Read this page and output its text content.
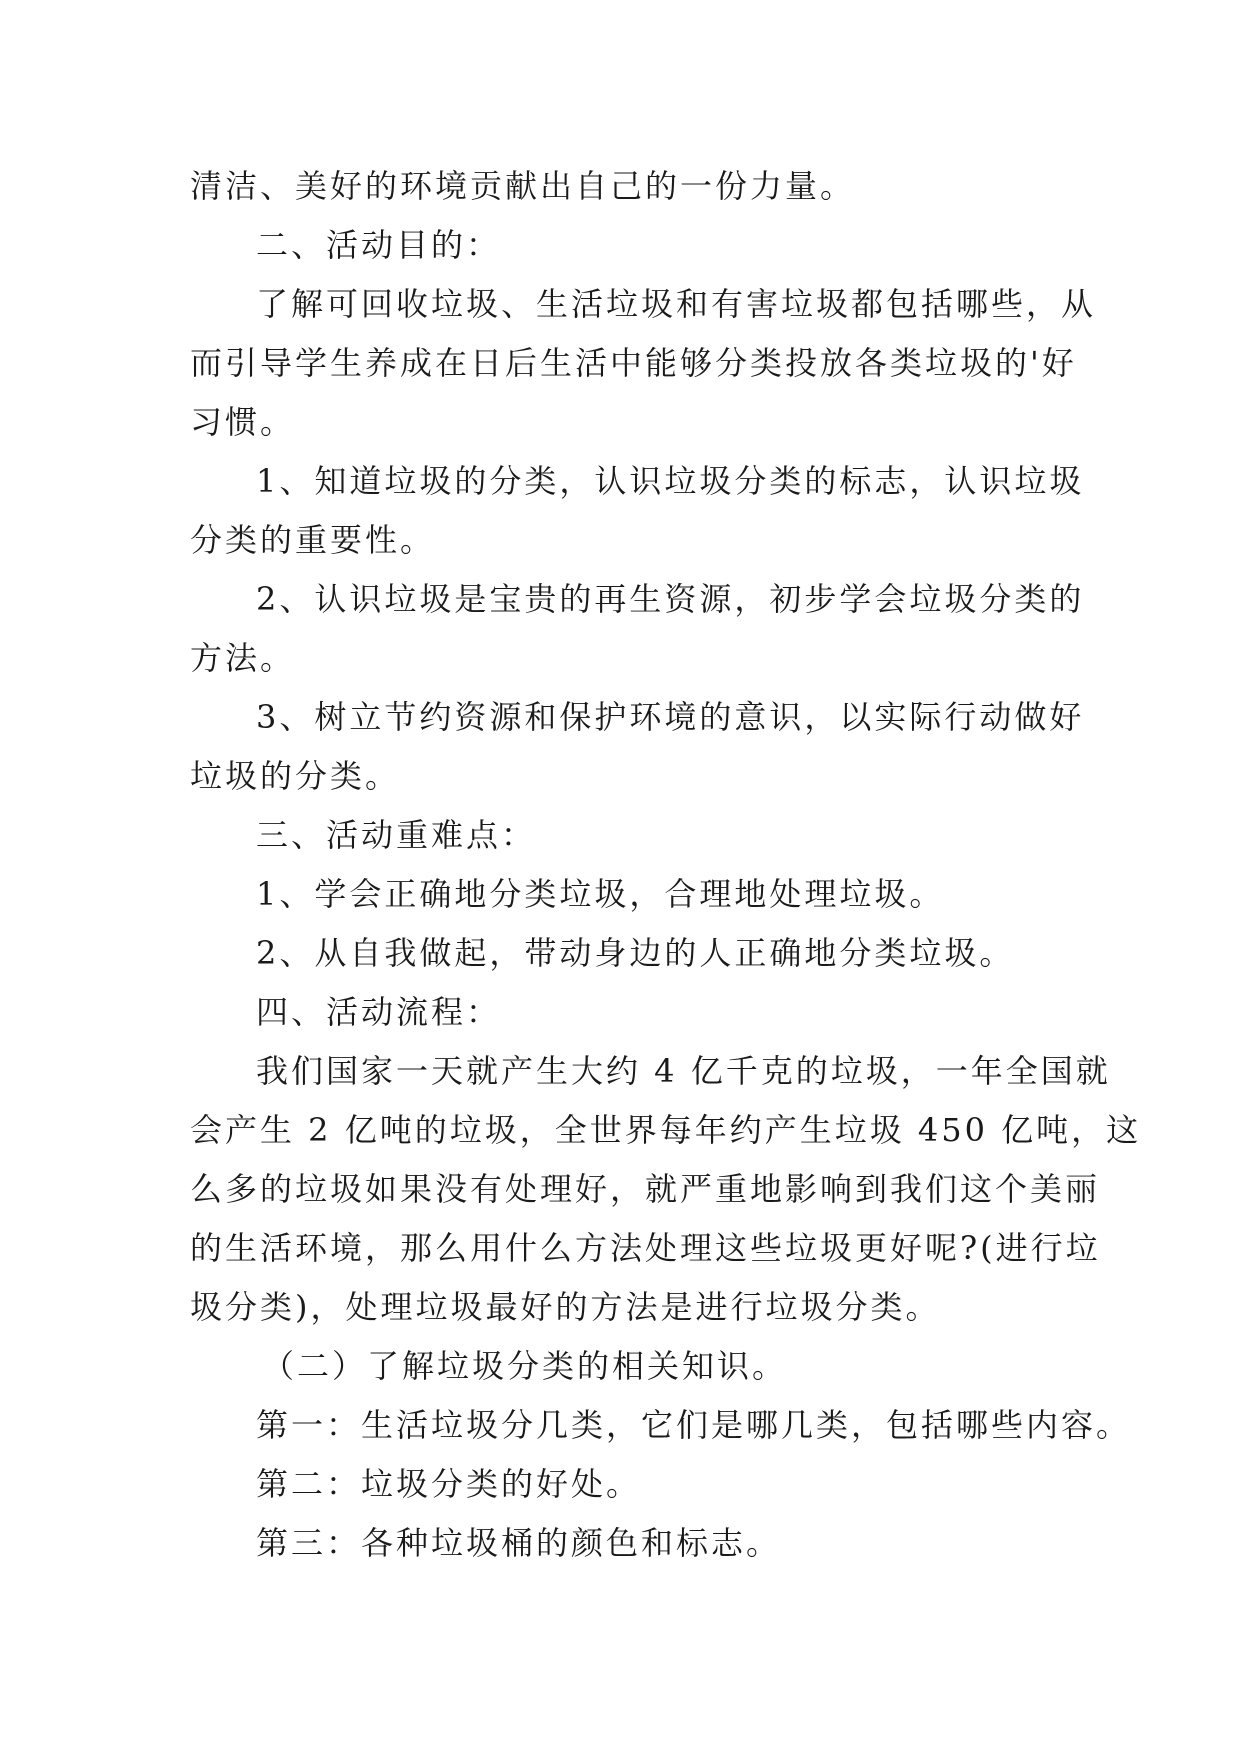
清洁、美好的环境贡献出自己的一份力量。
二、活动目的：
了解可回收垃圾、生活垃圾和有害垃圾都包括哪些，从
而引导学生养成在日后生活中能够分类投放各类垃圾的'好
习惯。
1、知道垃圾的分类，认识垃圾分类的标志，认识垃圾
分类的重要性。
2、认识垃圾是宝贵的再生资源，初步学会垃圾分类的
方法。
3、树立节约资源和保护环境的意识，以实际行动做好
垃圾的分类。
三、活动重难点：
1、学会正确地分类垃圾，合理地处理垃圾。
2、从自我做起，带动身边的人正确地分类垃圾。
四、活动流程：
我们国家一天就产生大约 4 亿千克的垃圾，一年全国就
会产生 2 亿吨的垃圾，全世界每年约产生垃圾 450 亿吨，这
么多的垃圾如果没有处理好，就严重地影响到我们这个美丽
的生活环境，那么用什么方法处理这些垃圾更好呢?(进行垃
圾分类)，处理垃圾最好的方法是进行垃圾分类。
（二）了解垃圾分类的相关知识。
第一：生活垃圾分几类，它们是哪几类，包括哪些内容。
第二：垃圾分类的好处。
第三：各种垃圾桶的颜色和标志。
